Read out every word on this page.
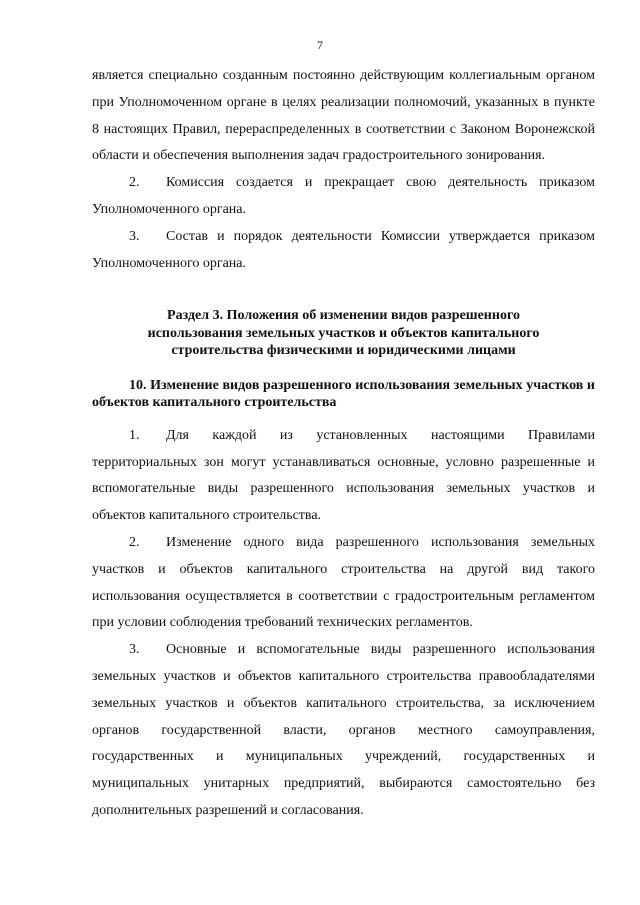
7

является специально созданным постоянно действующим коллегиальным органом при Уполномоченном органе в целях реализации полномочий, указанных в пункте 8 настоящих Правил, перераспределенных в соответствии с Законом Воронежской области и обеспечения выполнения задач градостроительного зонирования.

2. Комиссия создается и прекращает свою деятельность приказом Уполномоченного органа.

3. Состав и порядок деятельности Комиссии утверждается приказом Уполномоченного органа.

Раздел 3. Положения об изменении видов разрешенного использования земельных участков и объектов капитального строительства физическими и юридическими лицами
10. Изменение видов разрешенного использования земельных участков и объектов капитального строительства

1. Для каждой из установленных настоящими Правилами территориальных зон могут устанавливаться основные, условно разрешенные и вспомогательные виды разрешенного использования земельных участков и объектов капитального строительства.

2. Изменение одного вида разрешенного использования земельных участков и объектов капитального строительства на другой вид такого использования осуществляется в соответствии с градостроительным регламентом при условии соблюдения требований технических регламентов.

3. Основные и вспомогательные виды разрешенного использования земельных участков и объектов капитального строительства правообладателями земельных участков и объектов капитального строительства, за исключением органов государственной власти, органов местного самоуправления, государственных и муниципальных учреждений, государственных и муниципальных унитарных предприятий, выбираются самостоятельно без дополнительных разрешений и согласования.
